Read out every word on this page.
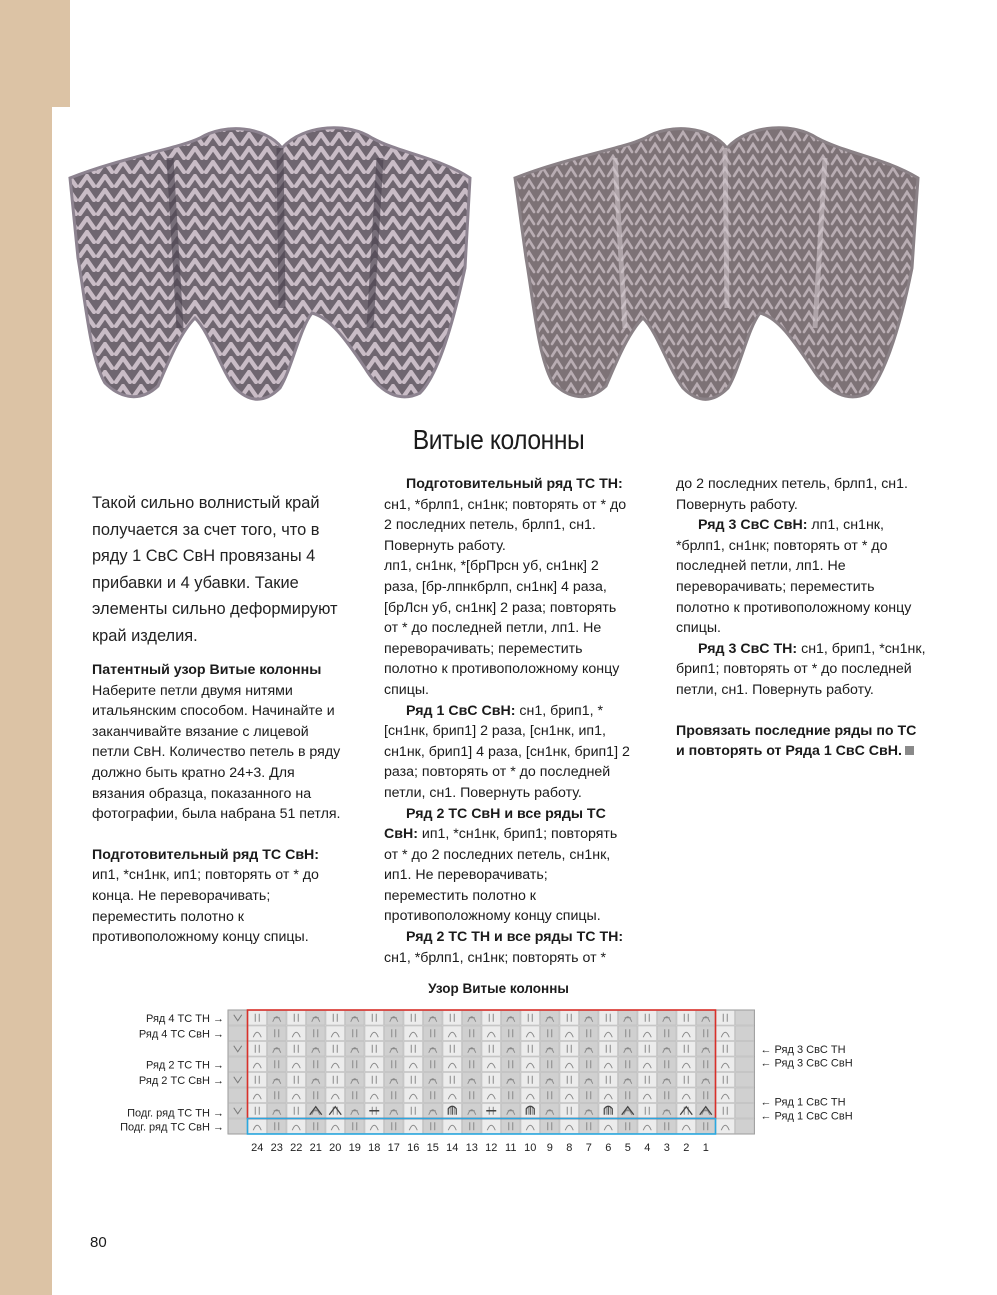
Витые колонны

Такой сильно волнистый край получается за счет того, что в ряду 1 СвС СвН провязаны 4 прибавки и 4 убавки. Такие элементы сильно деформируют край изделия.

Патентный узор Витые колонны

Наберите петли двумя нитями итальянским способом. Начинайте и заканчивайте вязание с лицевой петли СвН. Количество петель в ряду должно быть кратно 24+3. Для вязания образца, показанного на фотографии, была набрана 51 петля.

Подготовительный ряд ТС СвН:

ип1, *сн1нк, ип1; повторять от * до конца. Не переворачивать; переместить полотно к противоположному концу спицы.

Подготовительный ряд ТС ТН:

сн1, *брлп1, сн1нк; повторять от * до 2 последних петель, брлп1, сн1. Повернуть работу.

лп1, сн1нк, *[брПрсн уб, сн1нк] 2 раза, [бр-лпнкбрлп, сн1нк] 4 раза, [брЛсн уб, сн1нк] 2 раза; повторять от * до последней петли, лп1. Не переворачивать; переместить полотно к противоположному концу спицы.

Ряд 1 СвС СвН: сн1, брип1, *[сн1нк, брип1] 2 раза, [сн1нк, ип1, сн1нк, брип1] 4 раза, [сн1нк, брип1] 2 раза; повторять от * до последней петли, сн1. Повернуть работу.

Ряд 2 ТС СвН и все ряды ТС СвН: ип1, *сн1нк, брип1; повторять от * до 2 последних петель, сн1нк, ип1. Не переворачивать; переместить полотно к противоположному концу спицы.

Ряд 2 ТС ТН и все ряды ТС ТН: сн1, *брлп1, сн1нк; повторять от *

до 2 последних петель, брлп1, сн1. Повернуть работу.

Ряд 3 СвС СвН: лп1, сн1нк, *брлп1, сн1нк; повторять от * до последней петли, лп1. Не переворачивать; переместить полотно к противоположному концу спицы.

Ряд 3 СвС ТН: сн1, брип1, *сн1нк, брип1; повторять от * до последней петли, сн1. Повернуть работу.

Провязать последние ряды по ТС и повторять от Ряда 1 СвС СвН.

Узор Витые колонны
Ряд 4 ТС ТН →
Ряд 4 ТС СвН →
Ряд 2 ТС ТН →
Ряд 2 ТС СвН →
Подг. ряд ТС ТН →
Подг. ряд ТС СвН →
← Ряд 3 СвС ТН
← Ряд 3 СвС СвН
← Ряд 1 СвС ТН
← Ряд 1 СвС СвН
24 23 22 21 20 19 18 17 16 15 14 13 12 11 10 9 8 7 6 5 4 3 2 1
80
